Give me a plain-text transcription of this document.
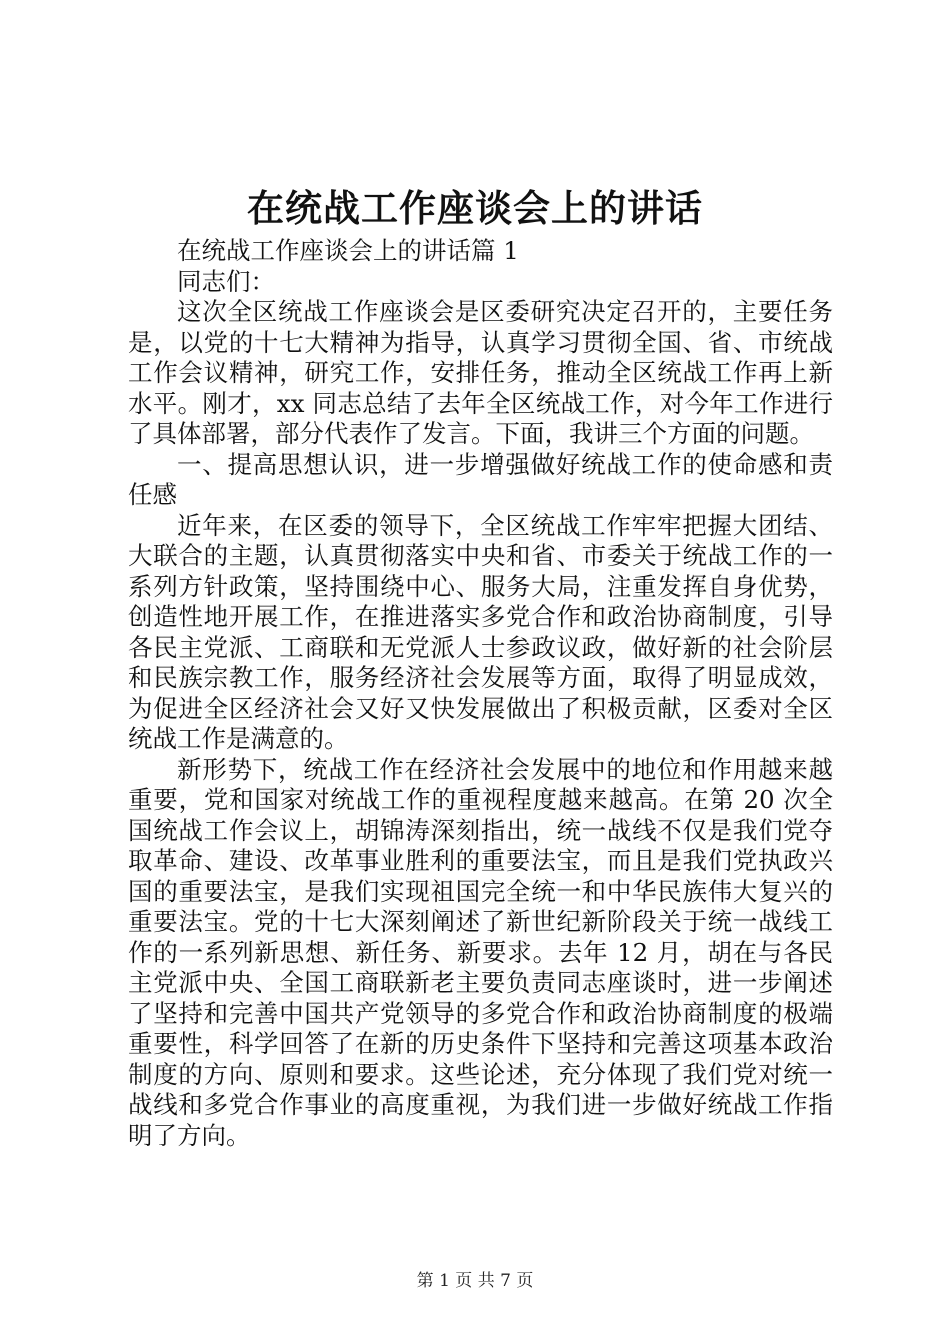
在统战工作座谈会上的讲话

在统战工作座谈会上的讲话篇 1

同志们：

这次全区统战工作座谈会是区委研究决定召开的，主要任务是，以党的十七大精神为指导，认真学习贯彻全国、省、市统战工作会议精神，研究工作，安排任务，推动全区统战工作再上新水平。刚才，xx 同志总结了去年全区统战工作，对今年工作进行了具体部署，部分代表作了发言。下面，我讲三个方面的问题。

一、提高思想认识，进一步增强做好统战工作的使命感和责任感

近年来，在区委的领导下，全区统战工作牢牢把握大团结、大联合的主题，认真贯彻落实中央和省、市委关于统战工作的一系列方针政策，坚持围绕中心、服务大局，注重发挥自身优势，创造性地开展工作，在推进落实多党合作和政治协商制度，引导各民主党派、工商联和无党派人士参政议政，做好新的社会阶层和民族宗教工作，服务经济社会发展等方面，取得了明显成效，为促进全区经济社会又好又快发展做出了积极贡献，区委对全区统战工作是满意的。

新形势下，统战工作在经济社会发展中的地位和作用越来越重要，党和国家对统战工作的重视程度越来越高。在第 20 次全国统战工作会议上，胡锦涛深刻指出，统一战线不仅是我们党夺取革命、建设、改革事业胜利的重要法宝，而且是我们党执政兴国的重要法宝，是我们实现祖国完全统一和中华民族伟大复兴的重要法宝。党的十七大深刻阐述了新世纪新阶段关于统一战线工作的一系列新思想、新任务、新要求。去年 12 月，胡在与各民主党派中央、全国工商联新老主要负责同志座谈时，进一步阐述了坚持和完善中国共产党领导的多党合作和政治协商制度的极端重要性，科学回答了在新的历史条件下坚持和完善这项基本政治制度的方向、原则和要求。这些论述，充分体现了我们党对统一战线和多党合作事业的高度重视，为我们进一步做好统战工作指明了方向。

第 1 页 共 7 页
